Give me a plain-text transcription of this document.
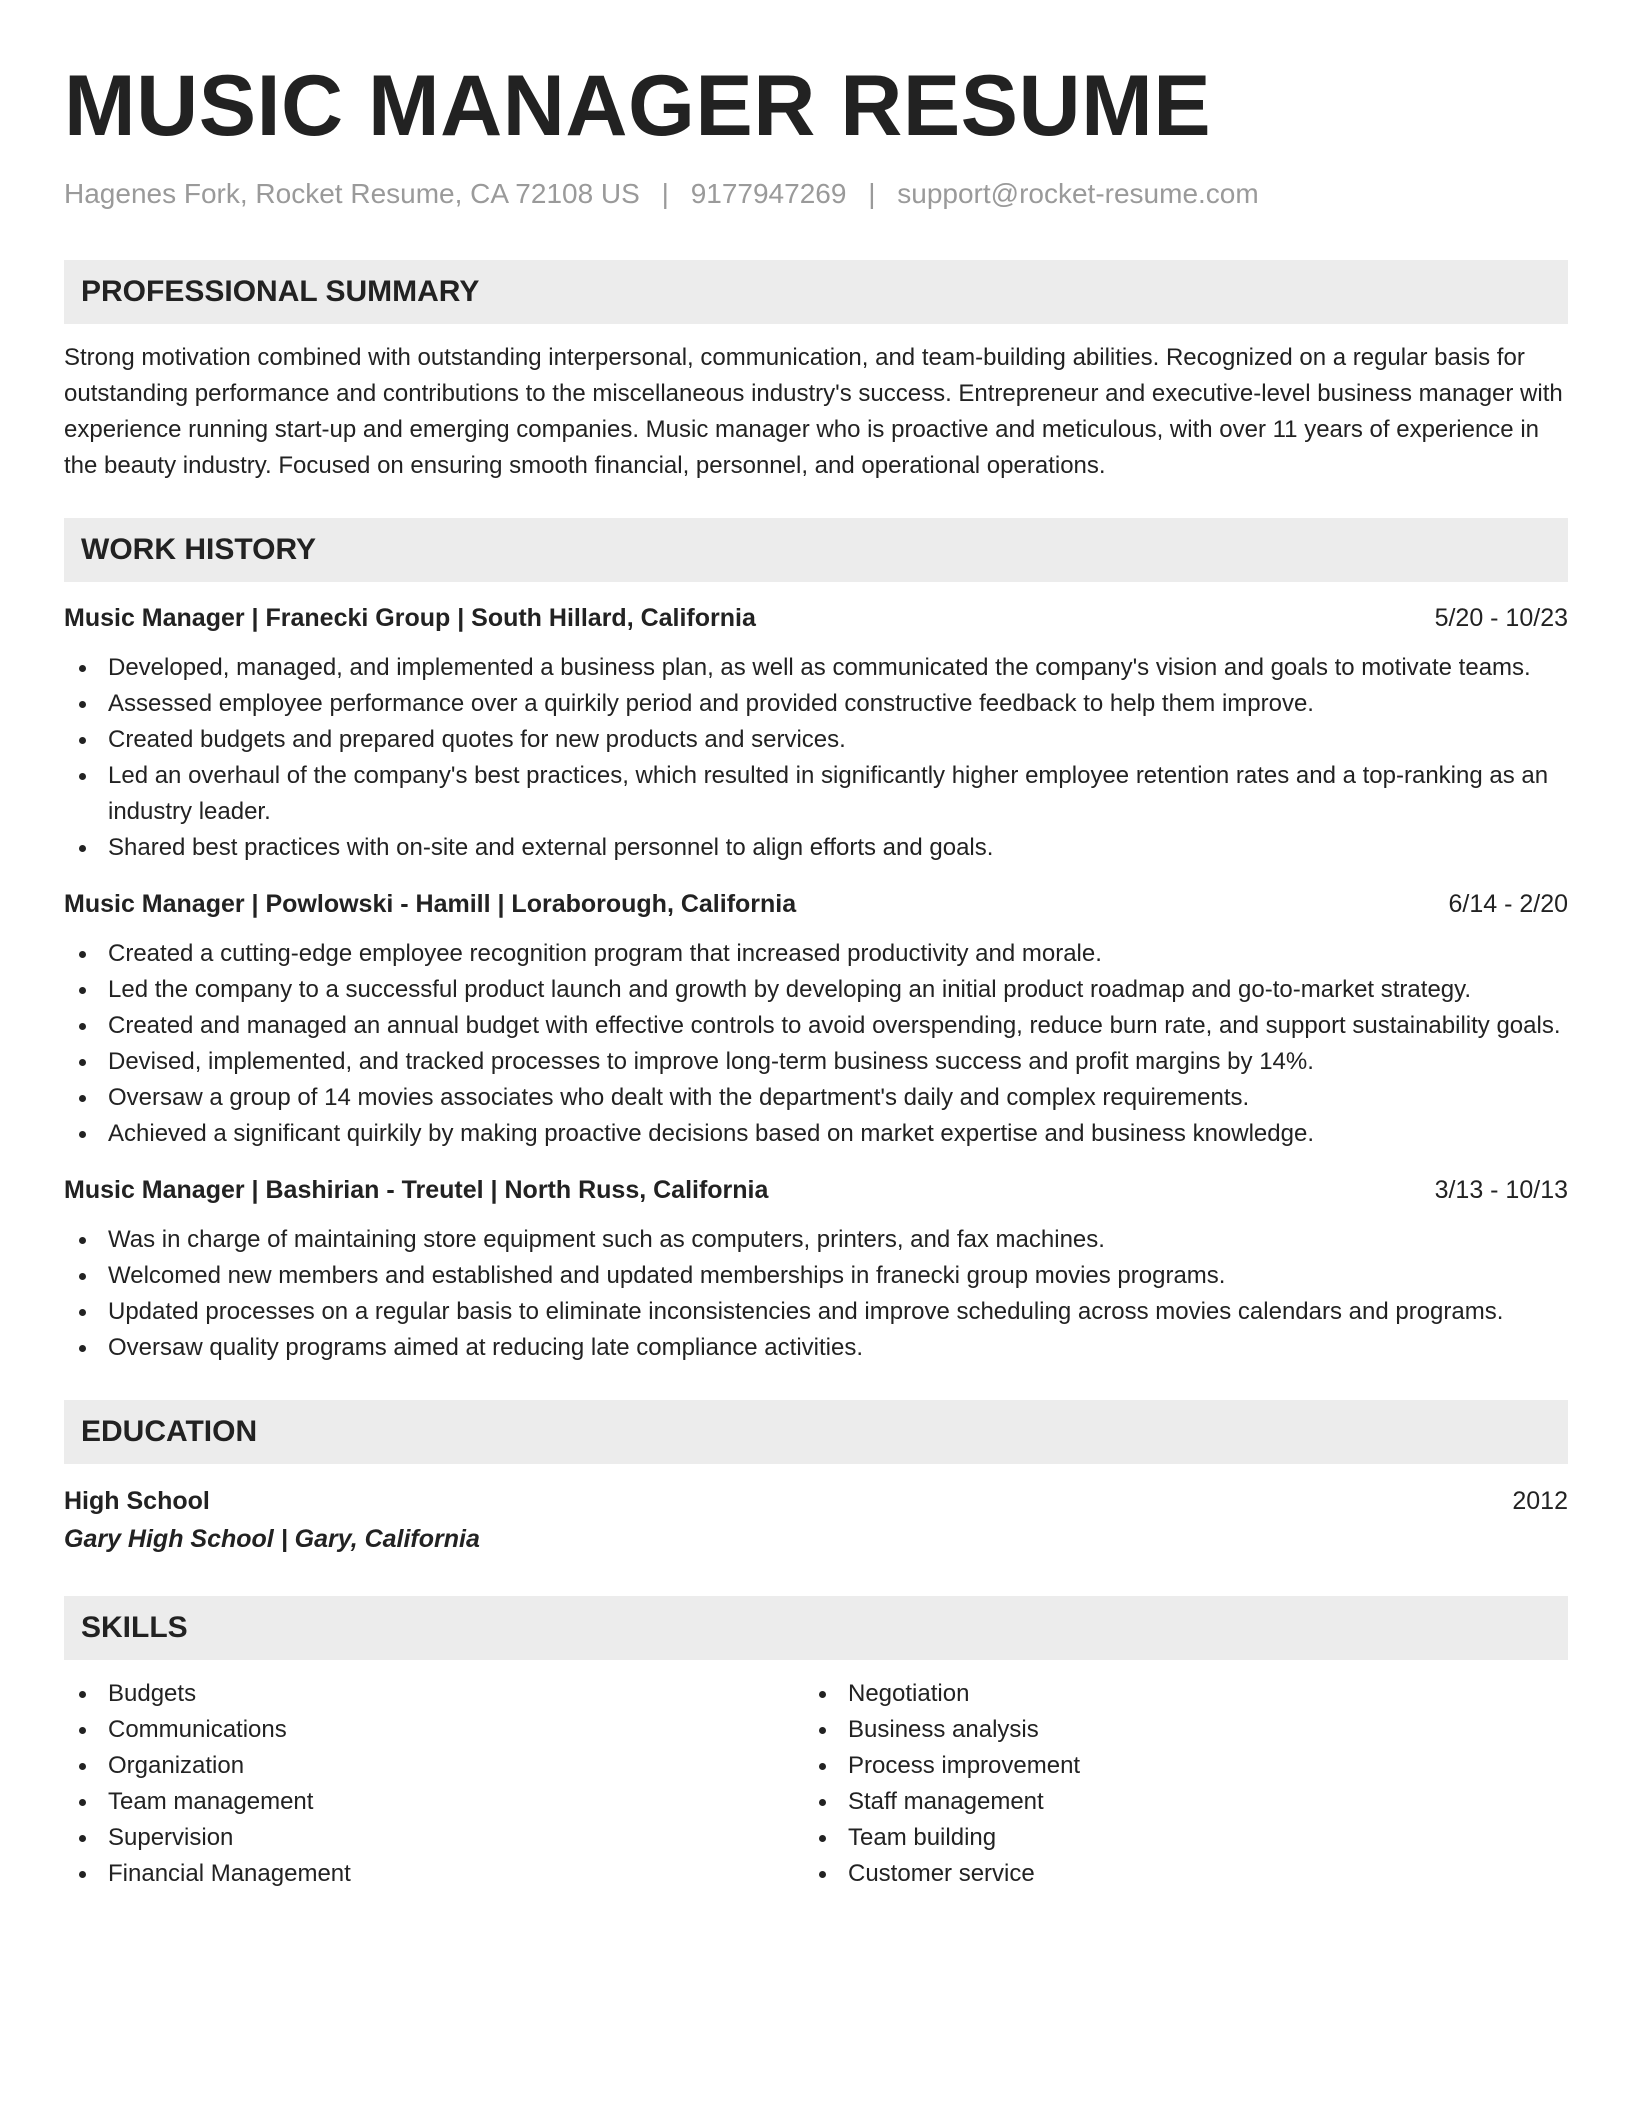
MUSIC MANAGER RESUME
Hagenes Fork, Rocket Resume, CA 72108 US | 9177947269 | support@rocket-resume.com
PROFESSIONAL SUMMARY

Strong motivation combined with outstanding interpersonal, communication, and team-building abilities. Recognized on a regular basis for outstanding performance and contributions to the miscellaneous industry's success. Entrepreneur and executive-level business manager with experience running start-up and emerging companies. Music manager who is proactive and meticulous, with over 11 years of experience in the beauty industry. Focused on ensuring smooth financial, personnel, and operational operations.

WORK HISTORY
Music Manager | Franecki Group | South Hillard, California	5/20 - 10/23
Developed, managed, and implemented a business plan, as well as communicated the company's vision and goals to motivate teams.
Assessed employee performance over a quirkily period and provided constructive feedback to help them improve.
Created budgets and prepared quotes for new products and services.
Led an overhaul of the company's best practices, which resulted in significantly higher employee retention rates and a top-ranking as an industry leader.
Shared best practices with on-site and external personnel to align efforts and goals.
Music Manager | Powlowski - Hamill | Loraborough, California	6/14 - 2/20
Created a cutting-edge employee recognition program that increased productivity and morale.
Led the company to a successful product launch and growth by developing an initial product roadmap and go-to-market strategy.
Created and managed an annual budget with effective controls to avoid overspending, reduce burn rate, and support sustainability goals.
Devised, implemented, and tracked processes to improve long-term business success and profit margins by 14%.
Oversaw a group of 14 movies associates who dealt with the department's daily and complex requirements.
Achieved a significant quirkily by making proactive decisions based on market expertise and business knowledge.
Music Manager | Bashirian - Treutel | North Russ, California	3/13 - 10/13
Was in charge of maintaining store equipment such as computers, printers, and fax machines.
Welcomed new members and established and updated memberships in franecki group movies programs.
Updated processes on a regular basis to eliminate inconsistencies and improve scheduling across movies calendars and programs.
Oversaw quality programs aimed at reducing late compliance activities.
EDUCATION
High School	2012
Gary High School | Gary, California
SKILLS
Budgets
Communications
Organization
Team management
Supervision
Financial Management
Negotiation
Business analysis
Process improvement
Staff management
Team building
Customer service
